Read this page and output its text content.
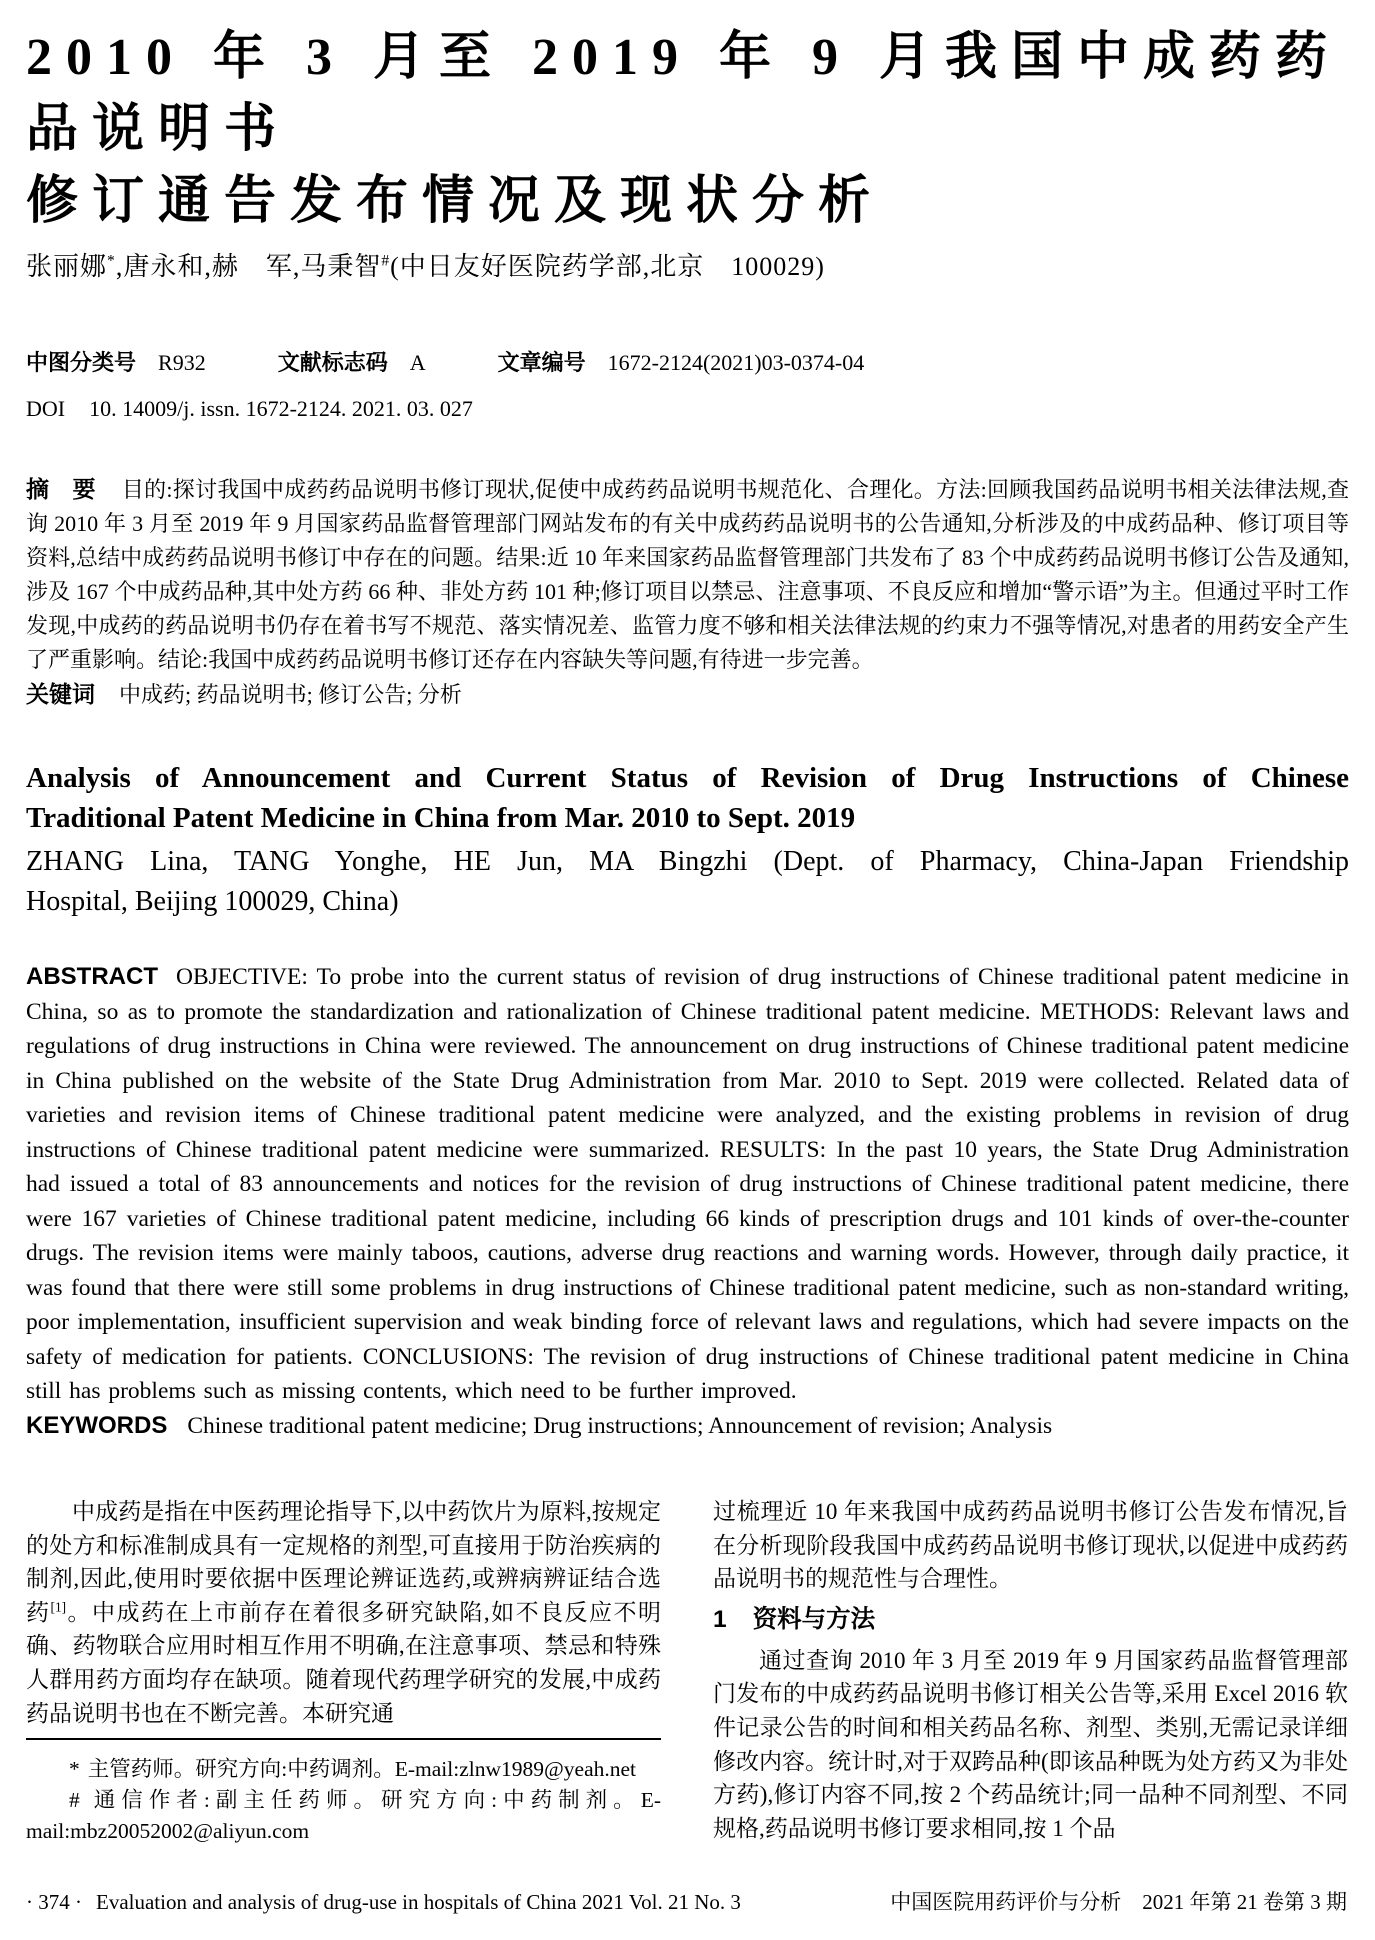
2010 年 3 月至 2019 年 9 月我国中成药药品说明书
修订通告发布情况及现状分析

张丽娜*,唐永和,赫　军,马秉智#(中日友好医院药学部,北京　100029)

中图分类号 R932	文献标志码 A	文章编号 1672-2124(2021)03-0374-04

DOI 10. 14009/j. issn. 1672-2124. 2021. 03. 027

摘　要 目的:探讨我国中成药药品说明书修订现状,促使中成药药品说明书规范化、合理化。方法:回顾我国药品说明书相关法律法规,查询 2010 年 3 月至 2019 年 9 月国家药品监督管理部门网站发布的有关中成药药品说明书的公告通知,分析涉及的中成药品种、修订项目等资料,总结中成药药品说明书修订中存在的问题。结果:近 10 年来国家药品监督管理部门共发布了 83 个中成药药品说明书修订公告及通知,涉及 167 个中成药品种,其中处方药 66 种、非处方药 101 种;修订项目以禁忌、注意事项、不良反应和增加“警示语”为主。但通过平时工作发现,中成药的药品说明书仍存在着书写不规范、落实情况差、监管力度不够和相关法律法规的约束力不强等情况,对患者的用药安全产生了严重影响。结论:我国中成药药品说明书修订还存在内容缺失等问题,有待进一步完善。

关键词 中成药; 药品说明书; 修订公告; 分析

Analysis of Announcement and Current Status of Revision of Drug Instructions of Chinese
Traditional Patent Medicine in China from Mar. 2010 to Sept. 2019

ZHANG Lina, TANG Yonghe, HE Jun, MA Bingzhi (Dept. of Pharmacy, China-Japan Friendship
Hospital, Beijing 100029, China)

ABSTRACT OBJECTIVE: To probe into the current status of revision of drug instructions of Chinese traditional patent medicine in China, so as to promote the standardization and rationalization of Chinese traditional patent medicine. METHODS: Relevant laws and regulations of drug instructions in China were reviewed. The announcement on drug instructions of Chinese traditional patent medicine in China published on the website of the State Drug Administration from Mar. 2010 to Sept. 2019 were collected. Related data of varieties and revision items of Chinese traditional patent medicine were analyzed, and the existing problems in revision of drug instructions of Chinese traditional patent medicine were summarized. RESULTS: In the past 10 years, the State Drug Administration had issued a total of 83 announcements and notices for the revision of drug instructions of Chinese traditional patent medicine, there were 167 varieties of Chinese traditional patent medicine, including 66 kinds of prescription drugs and 101 kinds of over-the-counter drugs. The revision items were mainly taboos, cautions, adverse drug reactions and warning words. However, through daily practice, it was found that there were still some problems in drug instructions of Chinese traditional patent medicine, such as non-standard writing, poor implementation, insufficient supervision and weak binding force of relevant laws and regulations, which had severe impacts on the safety of medication for patients. CONCLUSIONS: The revision of drug instructions of Chinese traditional patent medicine in China still has problems such as missing contents, which need to be further improved.

KEYWORDS Chinese traditional patent medicine; Drug instructions; Announcement of revision; Analysis

中成药是指在中医药理论指导下,以中药饮片为原料,按规定的处方和标准制成具有一定规格的剂型,可直接用于防治疾病的制剂,因此,使用时要依据中医理论辨证选药,或辨病辨证结合选药[1]。中成药在上市前存在着很多研究缺陷,如不良反应不明确、药物联合应用时相互作用不明确,在注意事项、禁忌和特殊人群用药方面均存在缺项。随着现代药理学研究的发展,中成药药品说明书也在不断完善。本研究通

* 主管药师。研究方向:中药调剂。E-mail:zlnw1989@yeah.net

# 通信作者:副主任药师。研究方向:中药制剂。E-mail:mbz20052002@aliyun.com

过梳理近 10 年来我国中成药药品说明书修订公告发布情况,旨在分析现阶段我国中成药药品说明书修订现状,以促进中成药药品说明书的规范性与合理性。

1 资料与方法

通过查询 2010 年 3 月至 2019 年 9 月国家药品监督管理部门发布的中成药药品说明书修订相关公告等,采用 Excel 2016 软件记录公告的时间和相关药品名称、剂型、类别,无需记录详细修改内容。统计时,对于双跨品种(即该品种既为处方药又为非处方药),修订内容不同,按 2 个药品统计;同一品种不同剂型、不同规格,药品说明书修订要求相同,按 1 个品

· 374 · Evaluation and analysis of drug-use in hospitals of China 2021 Vol. 21 No. 3	中国医院用药评价与分析　2021 年第 21 卷第 3 期
